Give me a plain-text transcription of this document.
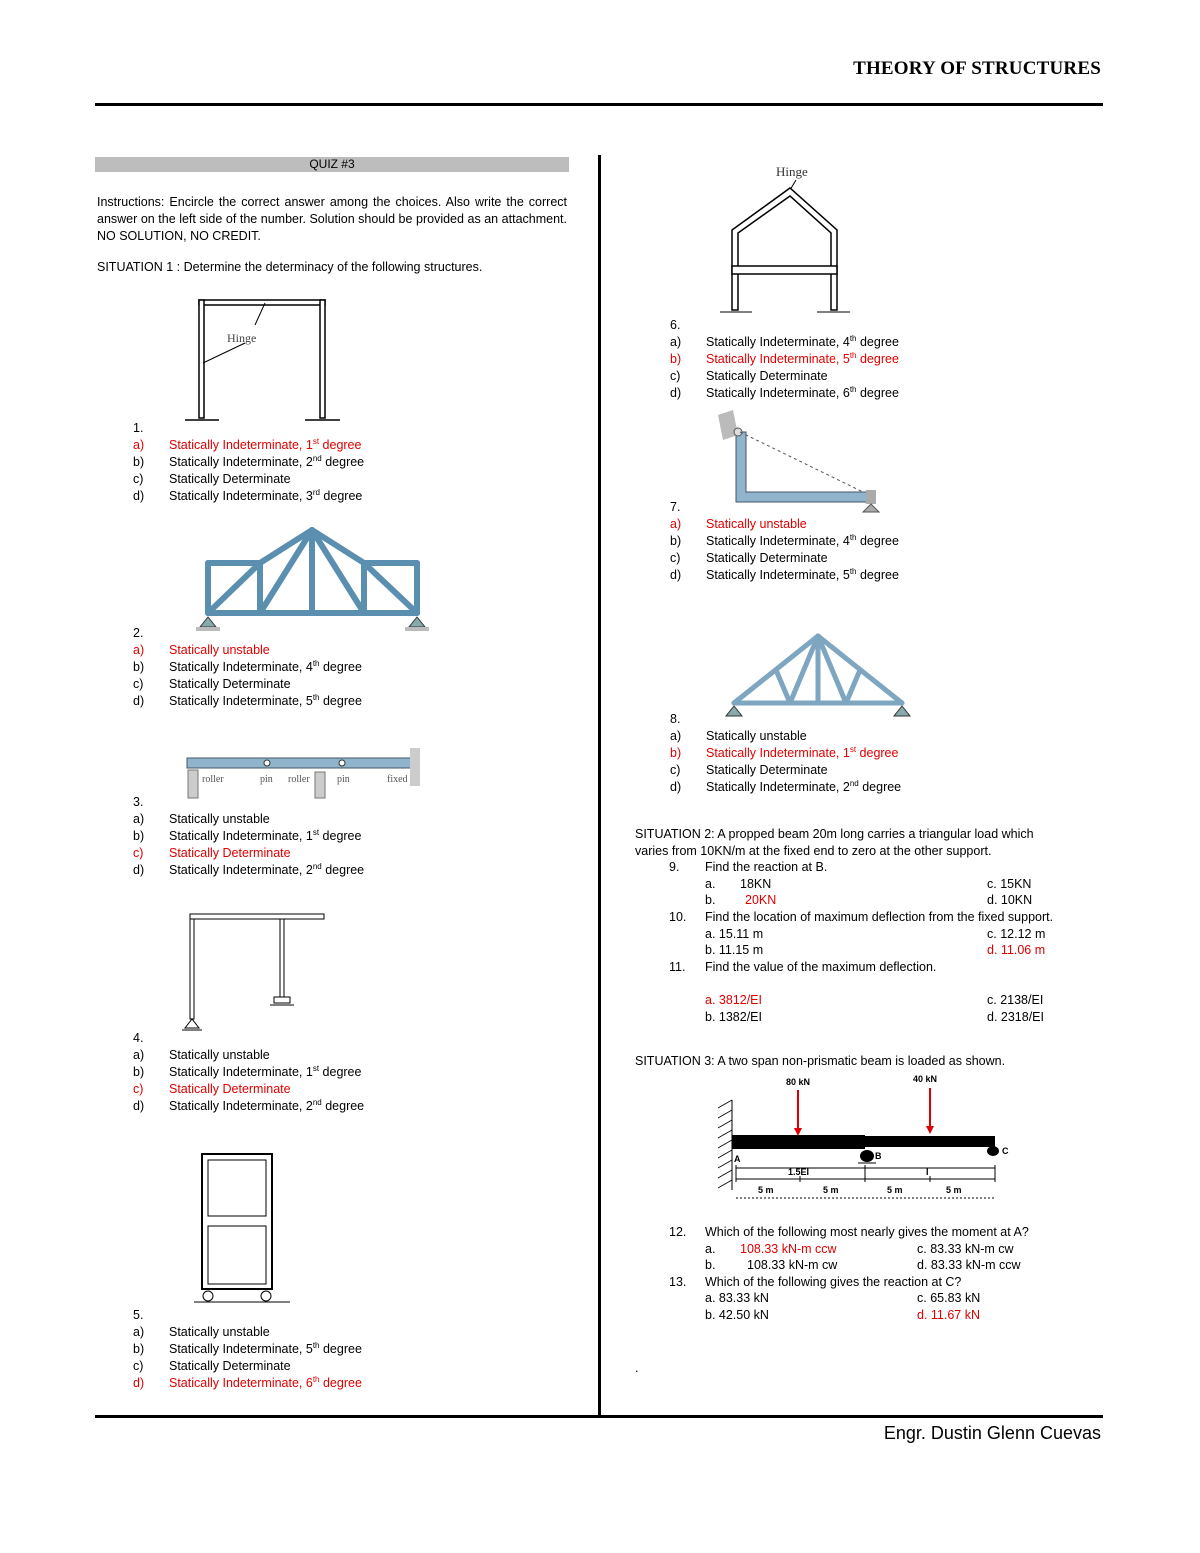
THEORY OF STRUCTURES
Engr. Dustin Glenn Cuevas
QUIZ #3
Instructions: Encircle the correct answer among the choices. Also write the correct answer on the left side of the number. Solution should be provided as an attachment. NO SOLUTION, NO CREDIT.
SITUATION 1 : Determine the determinacy of the following structures.
Hinge
1.
a) Statically Indeterminate, 1st degree
b) Statically Indeterminate, 2nd degree
c) Statically Determinate
d) Statically Indeterminate, 3rd degree
2.
a) Statically unstable
b) Statically Indeterminate, 4th degree
c) Statically Determinate
d) Statically Indeterminate, 5th degree
roller	pin roller	pin	fixed
3.
a) Statically unstable
b) Statically Indeterminate, 1st degree
c) Statically Determinate
d) Statically Indeterminate, 2nd degree
4.
a) Statically unstable
b) Statically Indeterminate, 1st degree
c) Statically Determinate
d) Statically Indeterminate, 2nd degree
5.
a) Statically unstable
b) Statically Indeterminate, 5th degree
c) Statically Determinate
d) Statically Indeterminate, 6th degree
Hinge
6.
a) Statically Indeterminate, 4th degree
b) Statically Indeterminate, 5th degree
c) Statically Determinate
d) Statically Indeterminate, 6th degree
7.
a) Statically unstable
b) Statically Indeterminate, 4th degree
c) Statically Determinate
d) Statically Indeterminate, 5th degree
8.
a) Statically unstable
b) Statically Indeterminate, 1st degree
c) Statically Determinate
d) Statically Indeterminate, 2nd degree
SITUATION 2: A propped beam 20m long carries a triangular load which
varies from 10KN/m at the fixed end to zero at the other support.
9. Find the reaction at B.
a. 18KN	c. 15KN
b. 20KN	d. 10KN
10. Find the location of maximum deflection from the fixed support.
a. 15.11 m	c. 12.12 m
b. 11.15 m	d. 11.06 m
11. Find the value of the maximum deflection.
a. 3812/EI	c. 2138/EI
b. 1382/EI	d. 2318/EI
SITUATION 3: A two span non-prismatic beam is loaded as shown.
80 kN	40 kN
A	B	C
1.5EI	I
5 m	5 m	5 m	5 m
12. Which of the following most nearly gives the moment at A?
a. 108.33 kN-m ccw	c. 83.33 kN-m cw
b.	108.33 kN-m cw	d. 83.33 kN-m ccw
13. Which of the following gives the reaction at C?
a. 83.33 kN	c. 65.83 kN
b. 42.50 kN	d. 11.67 kN
.
